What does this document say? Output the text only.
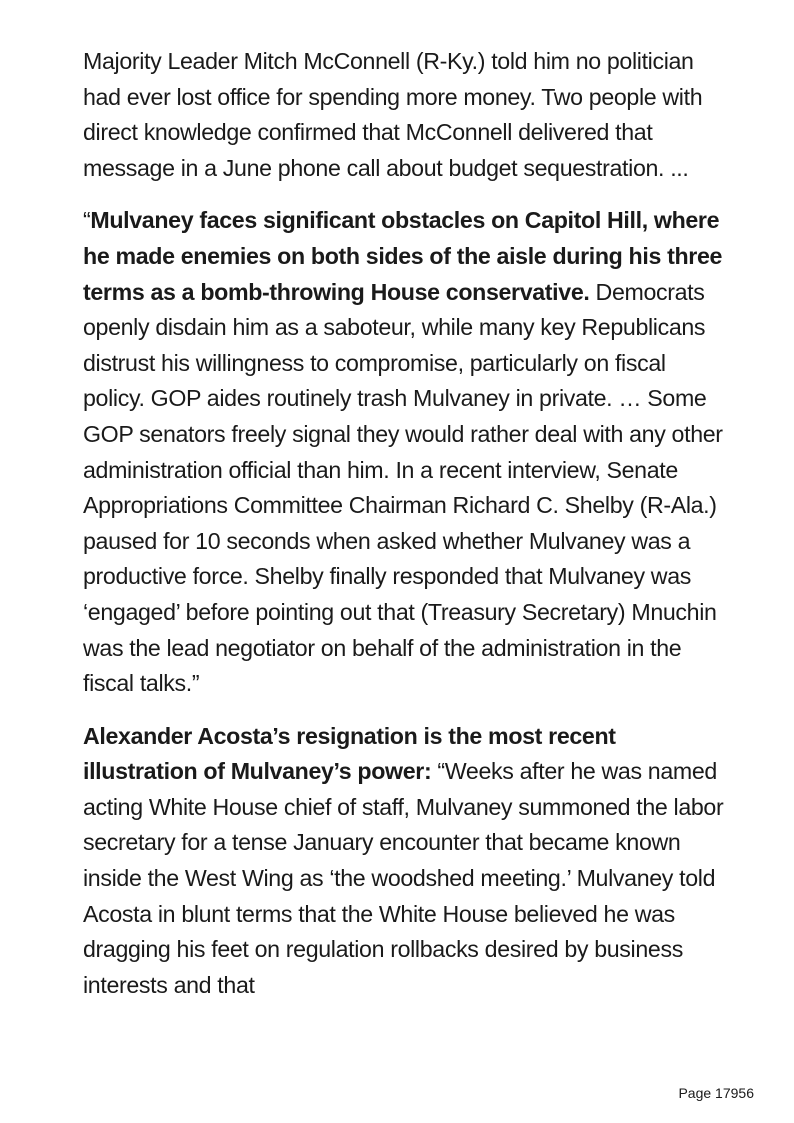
Majority Leader Mitch McConnell (R-Ky.) told him no politician had ever lost office for spending more money. Two people with direct knowledge confirmed that McConnell delivered that message in a June phone call about budget sequestration. ...

“Mulvaney faces significant obstacles on Capitol Hill, where he made enemies on both sides of the aisle during his three terms as a bomb-throwing House conservative. Democrats openly disdain him as a saboteur, while many key Republicans distrust his willingness to compromise, particularly on fiscal policy. GOP aides routinely trash Mulvaney in private. … Some GOP senators freely signal they would rather deal with any other administration official than him. In a recent interview, Senate Appropriations Committee Chairman Richard C. Shelby (R-Ala.) paused for 10 seconds when asked whether Mulvaney was a productive force. Shelby finally responded that Mulvaney was ‘engaged’ before pointing out that (Treasury Secretary) Mnuchin was the lead negotiator on behalf of the administration in the fiscal talks.”

Alexander Acosta’s resignation is the most recent illustration of Mulvaney’s power: “Weeks after he was named acting White House chief of staff, Mulvaney summoned the labor secretary for a tense January encounter that became known inside the West Wing as ‘the woodshed meeting.’ Mulvaney told Acosta in blunt terms that the White House believed he was dragging his feet on regulation rollbacks desired by business interests and that

Page 17956
